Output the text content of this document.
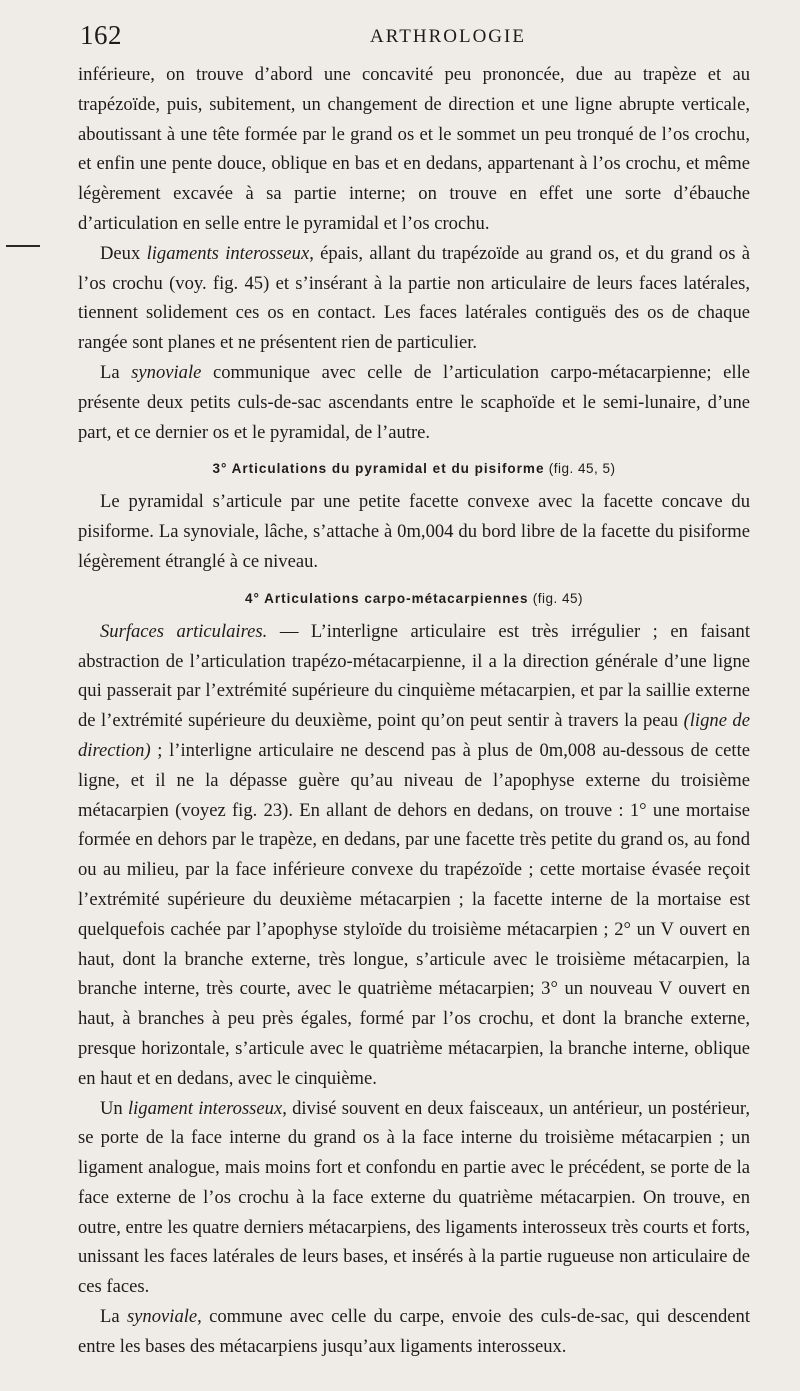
162	ARTHROLOGIE

inférieure, on trouve d’abord une concavité peu prononcée, due au trapèze et au trapézoïde, puis, subitement, un changement de direction et une ligne abrupte verticale, aboutissant à une tête formée par le grand os et le sommet un peu tronqué de l’os crochu, et enfin une pente douce, oblique en bas et en dedans, appartenant à l’os crochu, et même légèrement excavée à sa partie interne; on trouve en effet une sorte d’ébauche d’articulation en selle entre le pyramidal et l’os crochu.

Deux ligaments interosseux, épais, allant du trapézoïde au grand os, et du grand os à l’os crochu (voy. fig. 45) et s’insérant à la partie non articulaire de leurs faces latérales, tiennent solidement ces os en contact. Les faces latérales contiguës des os de chaque rangée sont planes et ne présentent rien de particulier.

La synoviale communique avec celle de l’articulation carpo-métacarpienne; elle présente deux petits culs-de-sac ascendants entre le scaphoïde et le semi-lunaire, d’une part, et ce dernier os et le pyramidal, de l’autre.

3° Articulations du pyramidal et du pisiforme (fig. 45, 5)

Le pyramidal s’articule par une petite facette convexe avec la facette concave du pisiforme. La synoviale, lâche, s’attache à 0m,004 du bord libre de la facette du pisiforme légèrement étranglé à ce niveau.

4° Articulations carpo-métacarpiennes (fig. 45)

Surfaces articulaires. — L’interligne articulaire est très irrégulier ; en faisant abstraction de l’articulation trapézo-métacarpienne, il a la direction générale d’une ligne qui passerait par l’extrémité supérieure du cinquième métacarpien, et par la saillie externe de l’extrémité supérieure du deuxième, point qu’on peut sentir à travers la peau (ligne de direction) ; l’interligne articulaire ne descend pas à plus de 0m,008 au-dessous de cette ligne, et il ne la dépasse guère qu’au niveau de l’apophyse externe du troisième métacarpien (voyez fig. 23). En allant de dehors en dedans, on trouve : 1° une mortaise formée en dehors par le trapèze, en dedans, par une facette très petite du grand os, au fond ou au milieu, par la face inférieure convexe du trapézoïde ; cette mortaise évasée reçoit l’extrémité supérieure du deuxième métacarpien ; la facette interne de la mortaise est quelquefois cachée par l’apophyse styloïde du troisième métacarpien ; 2° un V ouvert en haut, dont la branche externe, très longue, s’articule avec le troisième métacarpien, la branche interne, très courte, avec le quatrième métacarpien; 3° un nouveau V ouvert en haut, à branches à peu près égales, formé par l’os crochu, et dont la branche externe, presque horizontale, s’articule avec le quatrième métacarpien, la branche interne, oblique en haut et en dedans, avec le cinquième.

Un ligament interosseux, divisé souvent en deux faisceaux, un antérieur, un postérieur, se porte de la face interne du grand os à la face interne du troisième métacarpien ; un ligament analogue, mais moins fort et confondu en partie avec le précédent, se porte de la face externe de l’os crochu à la face externe du quatrième métacarpien. On trouve, en outre, entre les quatre derniers métacarpiens, des ligaments interosseux très courts et forts, unissant les faces latérales de leurs bases, et insérés à la partie rugueuse non articulaire de ces faces.

La synoviale, commune avec celle du carpe, envoie des culs-de-sac, qui descendent entre les bases des métacarpiens jusqu’aux ligaments interosseux.
